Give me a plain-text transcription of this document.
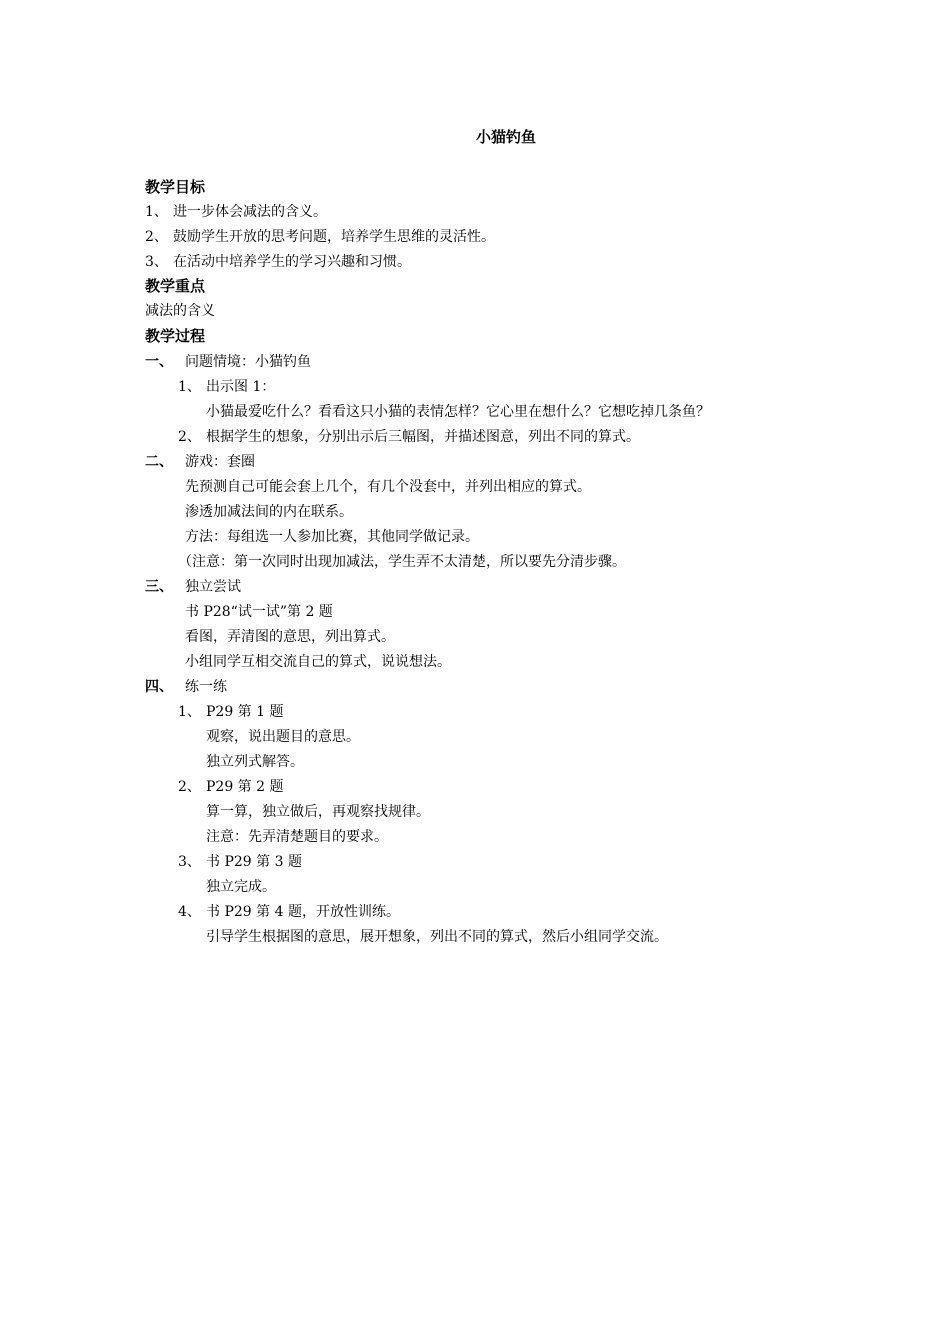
小猫钓鱼
教学目标
1、 进一步体会减法的含义。
2、 鼓励学生开放的思考问题，培养学生思维的灵活性。
3、 在活动中培养学生的学习兴趣和习惯。
教学重点
减法的含义
教学过程
一、 问题情境：小猫钓鱼
1、 出示图 1：
小猫最爱吃什么？看看这只小猫的表情怎样？它心里在想什么？它想吃掉几条鱼？
2、 根据学生的想象，分别出示后三幅图，并描述图意，列出不同的算式。
二、 游戏：套圈
先预测自己可能会套上几个，有几个没套中，并列出相应的算式。
渗透加减法间的内在联系。
方法：每组选一人参加比赛，其他同学做记录。
（注意：第一次同时出现加减法，学生弄不太清楚，所以要先分清步骤。
三、 独立尝试
书 P28“试一试”第 2 题
看图，弄清图的意思，列出算式。
小组同学互相交流自己的算式，说说想法。
四、 练一练
1、 P29 第 1 题
观察，说出题目的意思。
独立列式解答。
2、 P29 第 2 题
算一算，独立做后，再观察找规律。
注意：先弄清楚题目的要求。
3、 书 P29 第 3 题
独立完成。
4、 书 P29 第 4 题，开放性训练。
引导学生根据图的意思，展开想象，列出不同的算式，然后小组同学交流。
